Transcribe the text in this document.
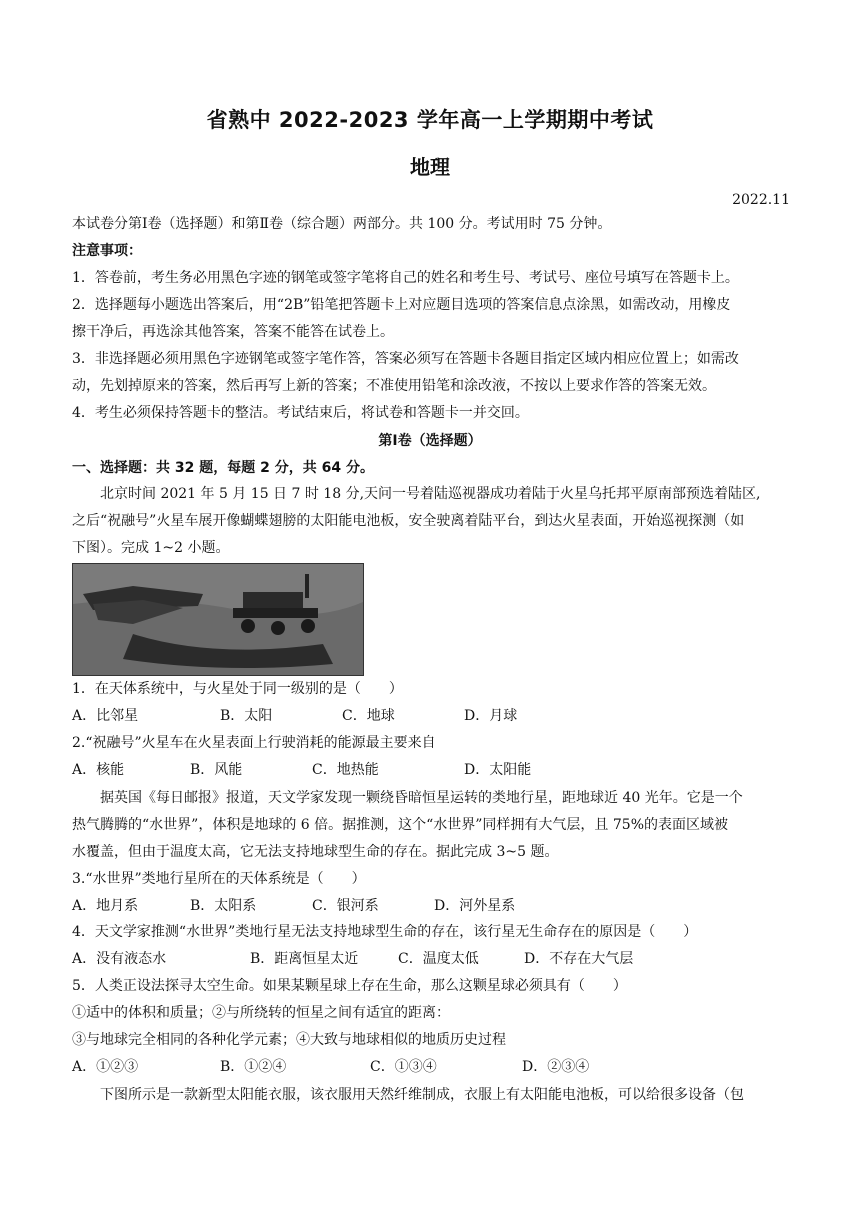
省熟中 2022-2023 学年高一上学期期中考试
地理
2022.11
本试卷分第Ⅰ卷（选择题）和第Ⅱ卷（综合题）两部分。共 100 分。考试用时 75 分钟。
注意事项：
1．答卷前，考生务必用黑色字迹的钢笔或签字笔将自己的姓名和考生号、考试号、座位号填写在答题卡上。
2．选择题每小题选出答案后，用“2B”铅笔把答题卡上对应题目选项的答案信息点涂黑，如需改动，用橡皮
擦干净后，再选涂其他答案，答案不能答在试卷上。
3．非选择题必须用黑色字迹钢笔或签字笔作答，答案必须写在答题卡各题目指定区域内相应位置上；如需改
动，先划掉原来的答案，然后再写上新的答案；不准使用铅笔和涂改液，不按以上要求作答的答案无效。
4．考生必须保持答题卡的整洁。考试结束后，将试卷和答题卡一并交回。
第Ⅰ卷（选择题）
一、选择题：共 32 题，每题 2 分，共 64 分。
北京时间 2021 年 5 月 15 日 7 时 18 分,天问一号着陆巡视器成功着陆于火星乌托邦平原南部预选着陆区,
之后“祝融号”火星车展开像蝴蝶翅膀的太阳能电池板，安全驶离着陆平台，到达火星表面，开始巡视探测（如
下图）。完成 1~2 小题。
1．在天体系统中，与火星处于同一级别的是（　　）
A．比邻星	B．太阳	C．地球	D．月球
2.“祝融号”火星车在火星表面上行驶消耗的能源最主要来自
A．核能	B．风能	C．地热能	D．太阳能
据英国《每日邮报》报道，天文学家发现一颗绕昏暗恒星运转的类地行星，距地球近 40 光年。它是一个
热气腾腾的“水世界”，体积是地球的 6 倍。据推测，这个“水世界”同样拥有大气层，且 75%的表面区域被
水覆盖，但由于温度太高，它无法支持地球型生命的存在。据此完成 3~5 题。
3.“水世界”类地行星所在的天体系统是（　　）
A．地月系	B．太阳系	C．银河系	D．河外星系
4．天文学家推测“水世界”类地行星无法支持地球型生命的存在，该行星无生命存在的原因是（　　）
A．没有液态水	B．距离恒星太近	C．温度太低	D．不存在大气层
5．人类正设法探寻太空生命。如果某颗星球上存在生命，那么这颗星球必须具有（　　）
①适中的体积和质量；②与所绕转的恒星之间有适宜的距离：
③与地球完全相同的各种化学元素；④大致与地球相似的地质历史过程
A．①②③	B．①②④	C．①③④	D．②③④
下图所示是一款新型太阳能衣服，该衣服用天然纤维制成，衣服上有太阳能电池板，可以给很多设备（包
